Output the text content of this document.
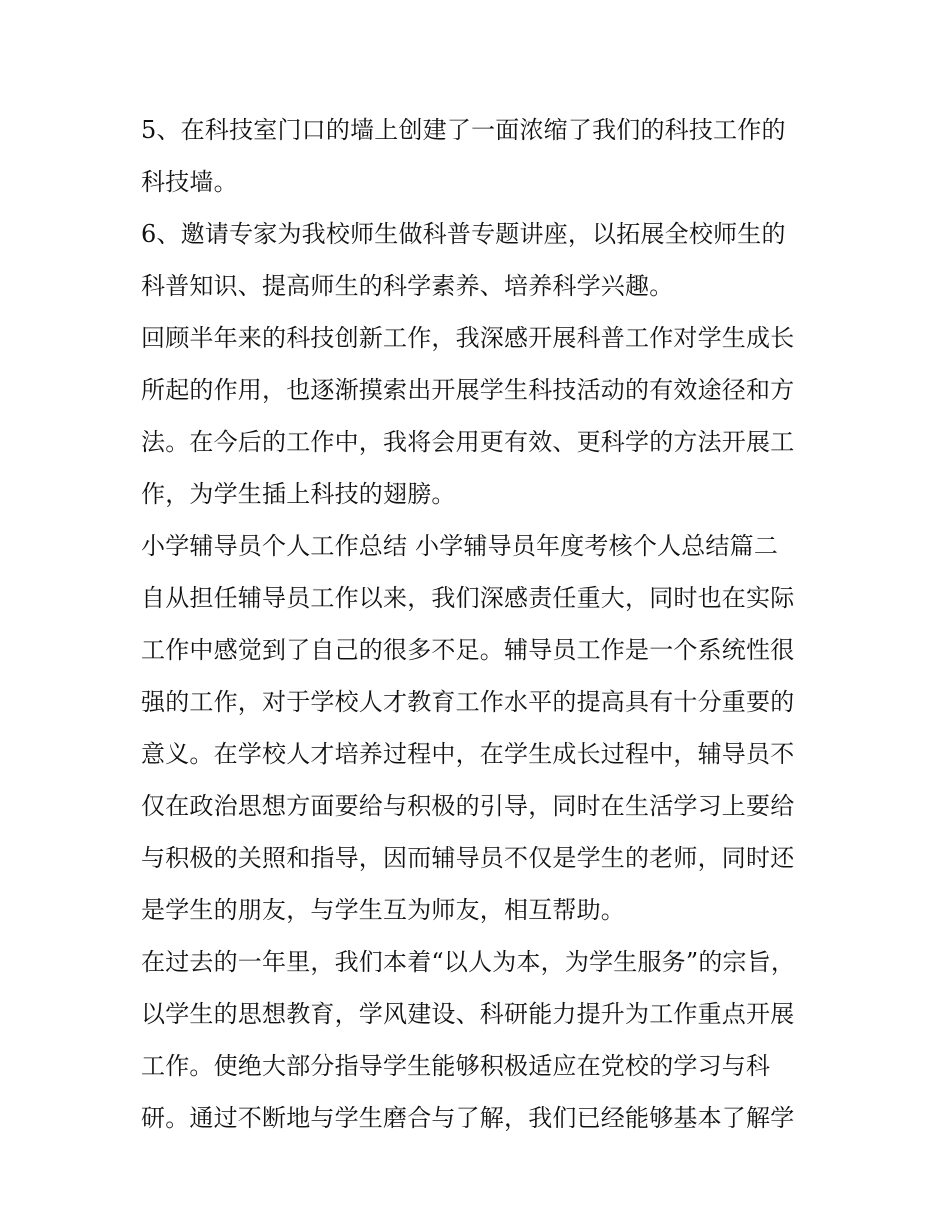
5、在科技室门口的墙上创建了一面浓缩了我们的科技工作的
科技墙。
6、邀请专家为我校师生做科普专题讲座，以拓展全校师生的
科普知识、提高师生的科学素养、培养科学兴趣。
回顾半年来的科技创新工作，我深感开展科普工作对学生成长
所起的作用，也逐渐摸索出开展学生科技活动的有效途径和方
法。在今后的工作中，我将会用更有效、更科学的方法开展工
作，为学生插上科技的翅膀。
小学辅导员个人工作总结 小学辅导员年度考核个人总结篇二
自从担任辅导员工作以来，我们深感责任重大，同时也在实际
工作中感觉到了自己的很多不足。辅导员工作是一个系统性很
强的工作，对于学校人才教育工作水平的提高具有十分重要的
意义。在学校人才培养过程中，在学生成长过程中，辅导员不
仅在政治思想方面要给与积极的引导，同时在生活学习上要给
与积极的关照和指导，因而辅导员不仅是学生的老师，同时还
是学生的朋友，与学生互为师友，相互帮助。
在过去的一年里，我们本着“以人为本，为学生服务”的宗旨，
以学生的思想教育，学风建设、科研能力提升为工作重点开展
工作。使绝大部分指导学生能够积极适应在党校的学习与科
研。通过不断地与学生磨合与了解，我们已经能够基本了解学
